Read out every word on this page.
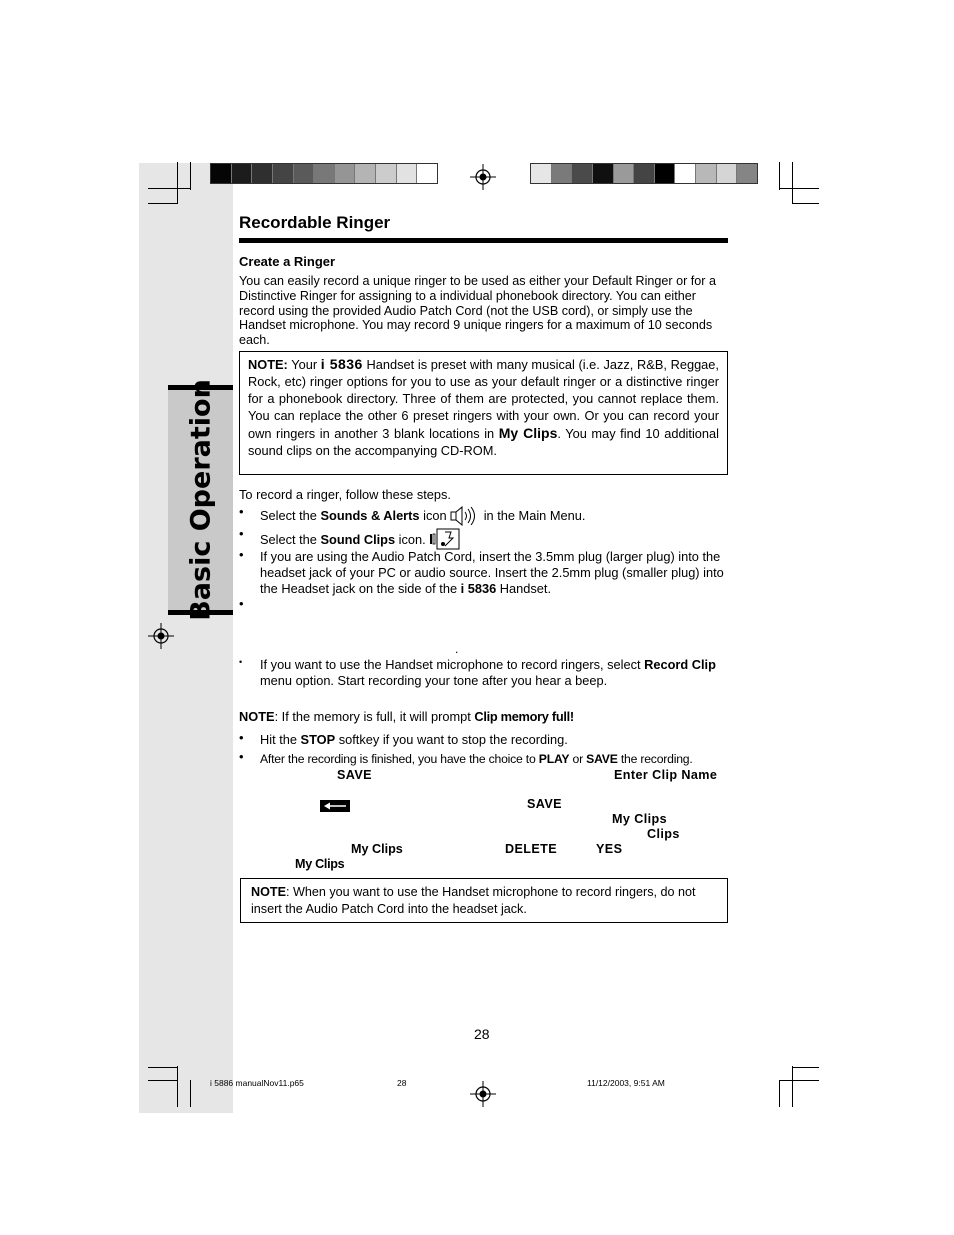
Basic Operation
Recordable Ringer
Create a Ringer
You can easily record a unique ringer to be used as either your Default Ringer or for a Distinctive Ringer for assigning to a individual phonebook directory. You can either record using the provided Audio Patch Cord (not the USB cord), or simply use the Handset microphone. You may record 9 unique ringers for a maximum of 10 seconds each.
NOTE: Your i 5836 Handset is preset with many musical (i.e. Jazz, R&B, Reggae, Rock, etc) ringer options for you to use as your default ringer or a distinctive ringer for a phonebook directory. Three of them are protected, you cannot replace them. You can replace the other 6 preset ringers with your own. Or you can record your own ringers in another 3 blank locations in My Clips. You may find 10 additional sound clips on the accompanying CD-ROM.
To record a ringer, follow these steps.
• Select the Sounds & Alerts icon  in the Main Menu.
• Select the Sound Clips icon.
• If you are using the Audio Patch Cord, insert the 3.5mm plug (larger plug) into the headset jack of your PC or audio source. Insert the 2.5mm plug (smaller plug) into the Headset jack on the side of the i 5836 Handset.
•
.
• If you want to use the Handset microphone to record ringers, select Record Clip menu option. Start recording your tone after you hear a beep.
NOTE: If the memory is full, it will prompt Clip memory full!
• Hit the STOP softkey if you want to stop the recording.
• After the recording is finished, you have the choice to PLAY or SAVE the recording.
SAVE	Enter Clip Name
SAVE
My Clips
Clips
My Clips	DELETE	YES
My Clips
NOTE: When you want to use the Handset microphone to record ringers, do not insert the Audio Patch Cord into the headset jack.
28
i 5886 manualNov11.p65	28	11/12/2003, 9:51 AM
